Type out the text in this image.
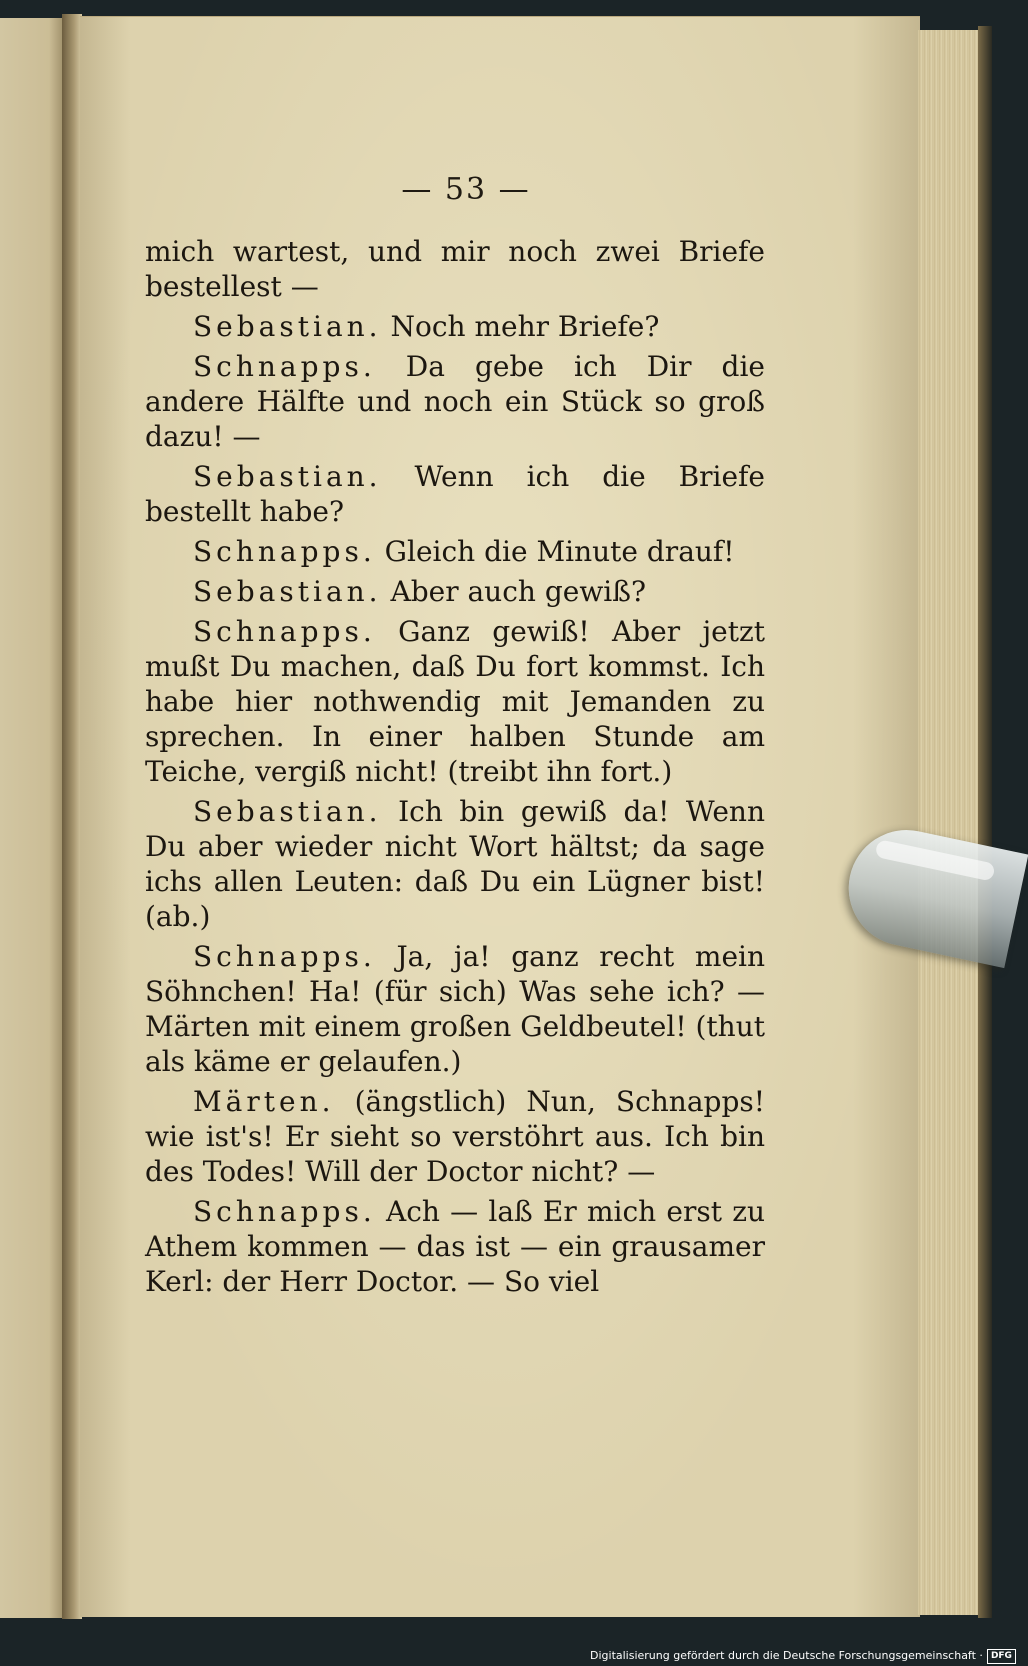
— 53 —

mich wartest, und mir noch zwei Briefe bestellest —

Sebastian. Noch mehr Briefe?

Schnapps. Da gebe ich Dir die andere Hälfte und noch ein Stück so groß dazu! —

Sebastian. Wenn ich die Briefe bestellt habe?

Schnapps. Gleich die Minute drauf!

Sebastian. Aber auch gewiß?

Schnapps. Ganz gewiß! Aber jetzt mußt Du machen, daß Du fort kommst. Ich habe hier nothwendig mit Jemanden zu sprechen. In einer halben Stunde am Teiche, vergiß nicht! (treibt ihn fort.)

Sebastian. Ich bin gewiß da! Wenn Du aber wieder nicht Wort hältst; da sage ichs allen Leuten: daß Du ein Lügner bist! (ab.)

Schnapps. Ja, ja! ganz recht mein Söhnchen! Ha! (für sich) Was sehe ich? — Märten mit einem großen Geldbeutel! (thut als käme er gelaufen.)

Märten. (ängstlich) Nun, Schnapps! wie ist's! Er sieht so verstöhrt aus. Ich bin des Todes! Will der Doctor nicht? —

Schnapps. Ach — laß Er mich erst zu Athem kommen — das ist — ein grausamer Kerl: der Herr Doctor. — So viel

Digitalisierung gefördert durch die Deutsche Forschungsgemeinschaft · DFG
